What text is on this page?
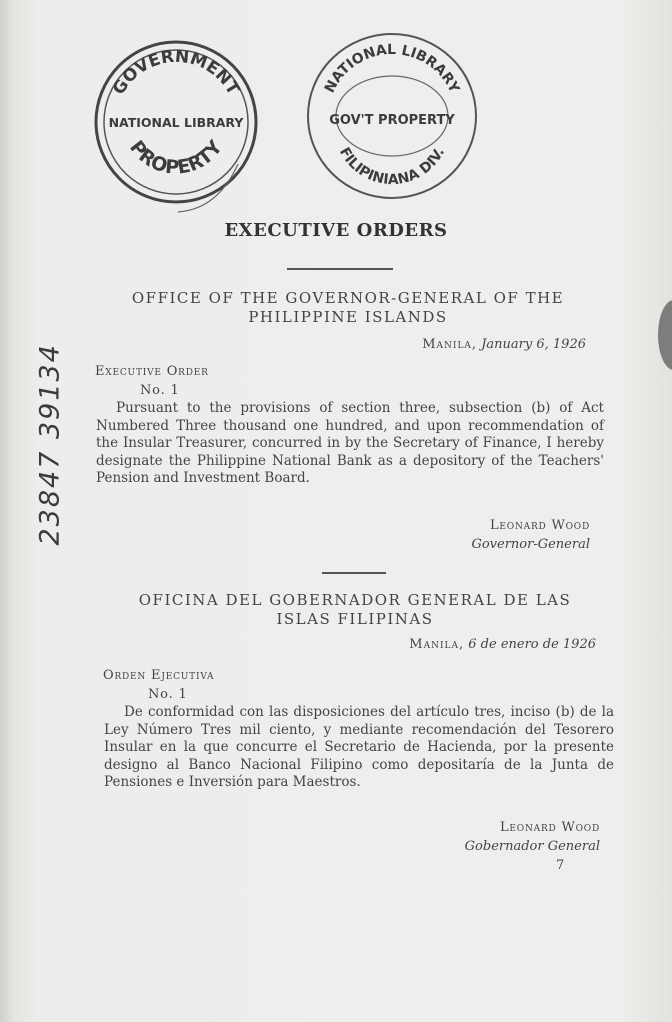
GOVERNMENT
NATIONAL LIBRARY
PROPERTY
NATIONAL LIBRARY
GOV'T PROPERTY
FILIPINIANA DIV.
23847 39134
EXECUTIVE ORDERS

OFFICE OF THE GOVERNOR-GENERAL OF THE PHILIPPINE ISLANDS

Manila, January 6, 1926
Executive Order
No. 1

Pursuant to the provisions of section three, subsection (b) of Act Numbered Three thousand one hundred, and upon recommendation of the Insular Treasurer, concurred in by the Secretary of Finance, I hereby designate the Philippine National Bank as a depository of the Teachers' Pension and Investment Board.

Leonard Wood
Governor-General

OFICINA DEL GOBERNADOR GENERAL DE LAS ISLAS FILIPINAS

Manila, 6 de enero de 1926
Orden Ejecutiva
No. 1

De conformidad con las disposiciones del artículo tres, inciso (b) de la Ley Número Tres mil ciento, y mediante recomendación del Tesorero Insular en la que concurre el Secretario de Hacienda, por la presente designo al Banco Nacional Filipino como depositaría de la Junta de Pensiones e Inversión para Maestros.

Leonard Wood
Gobernador General
7
